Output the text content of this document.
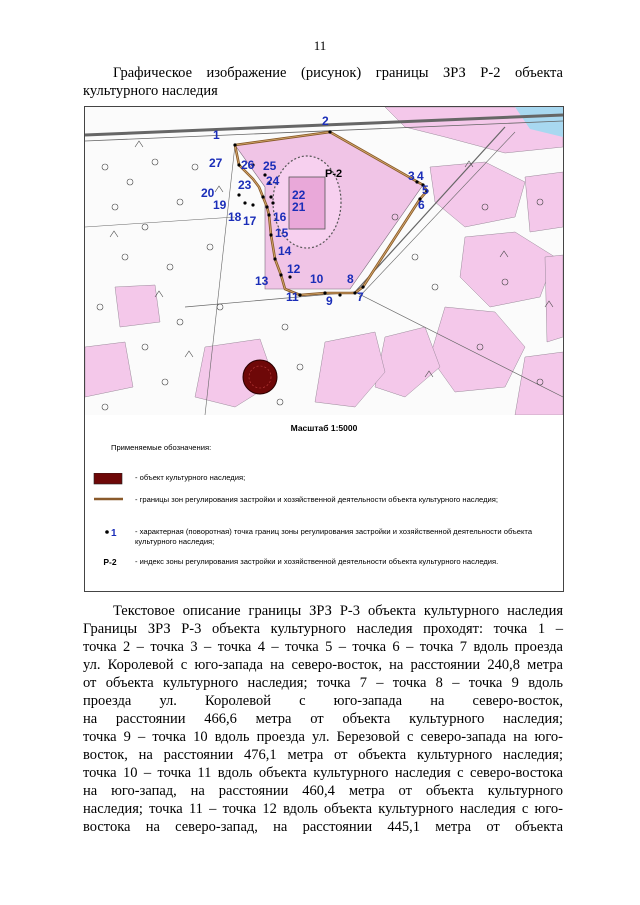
11
Графическое изображение (рисунок) границы ЗРЗ Р-2 объекта культурного наследия
Р-2
1
2
3 4
5
6
7
8
9
10
11
12
13
14
15
16
17
18
19
20
21
22
23 24
25
26
27
Масштаб 1:5000
Применяемые обозначения:
- объект культурного наследия;
- границы зон регулирования застройки и хозяйственной деятельности объекта культурного наследия;
1 - характерная (поворотная) точка границ зоны регулирования застройки и хозяйственной деятельности объекта культурного наследия;
Р-2	- индекс зоны регулирования застройки и хозяйственной деятельности объекта культурного наследия.

Текстовое описание границы ЗРЗ Р-3 объекта культурного наследия

Границы ЗРЗ Р-3 объекта культурного наследия проходят: точка 1 –

точка 2 – точка 3 – точка 4 – точка 5 – точка 6 – точка 7 вдоль проезда

ул. Королевой с юго-запада на северо-восток, на расстоянии 240,8 метра

от объекта культурного наследия; точка 7 – точка 8 – точка 9 вдоль

проезда ул. Королевой с юго-запада на северо-восток,

на расстоянии 466,6 метра от объекта культурного наследия;

точка 9 – точка 10 вдоль проезда ул. Березовой с северо-запада на юго-

восток, на расстоянии 476,1 метра от объекта культурного наследия;

точка 10 – точка 11 вдоль объекта культурного наследия с северо-востока

на юго-запад, на расстоянии 460,4 метра от объекта культурного

наследия; точка 11 – точка 12 вдоль объекта культурного наследия с юго-

востока на северо-запад, на расстоянии 445,1 метра от объекта
